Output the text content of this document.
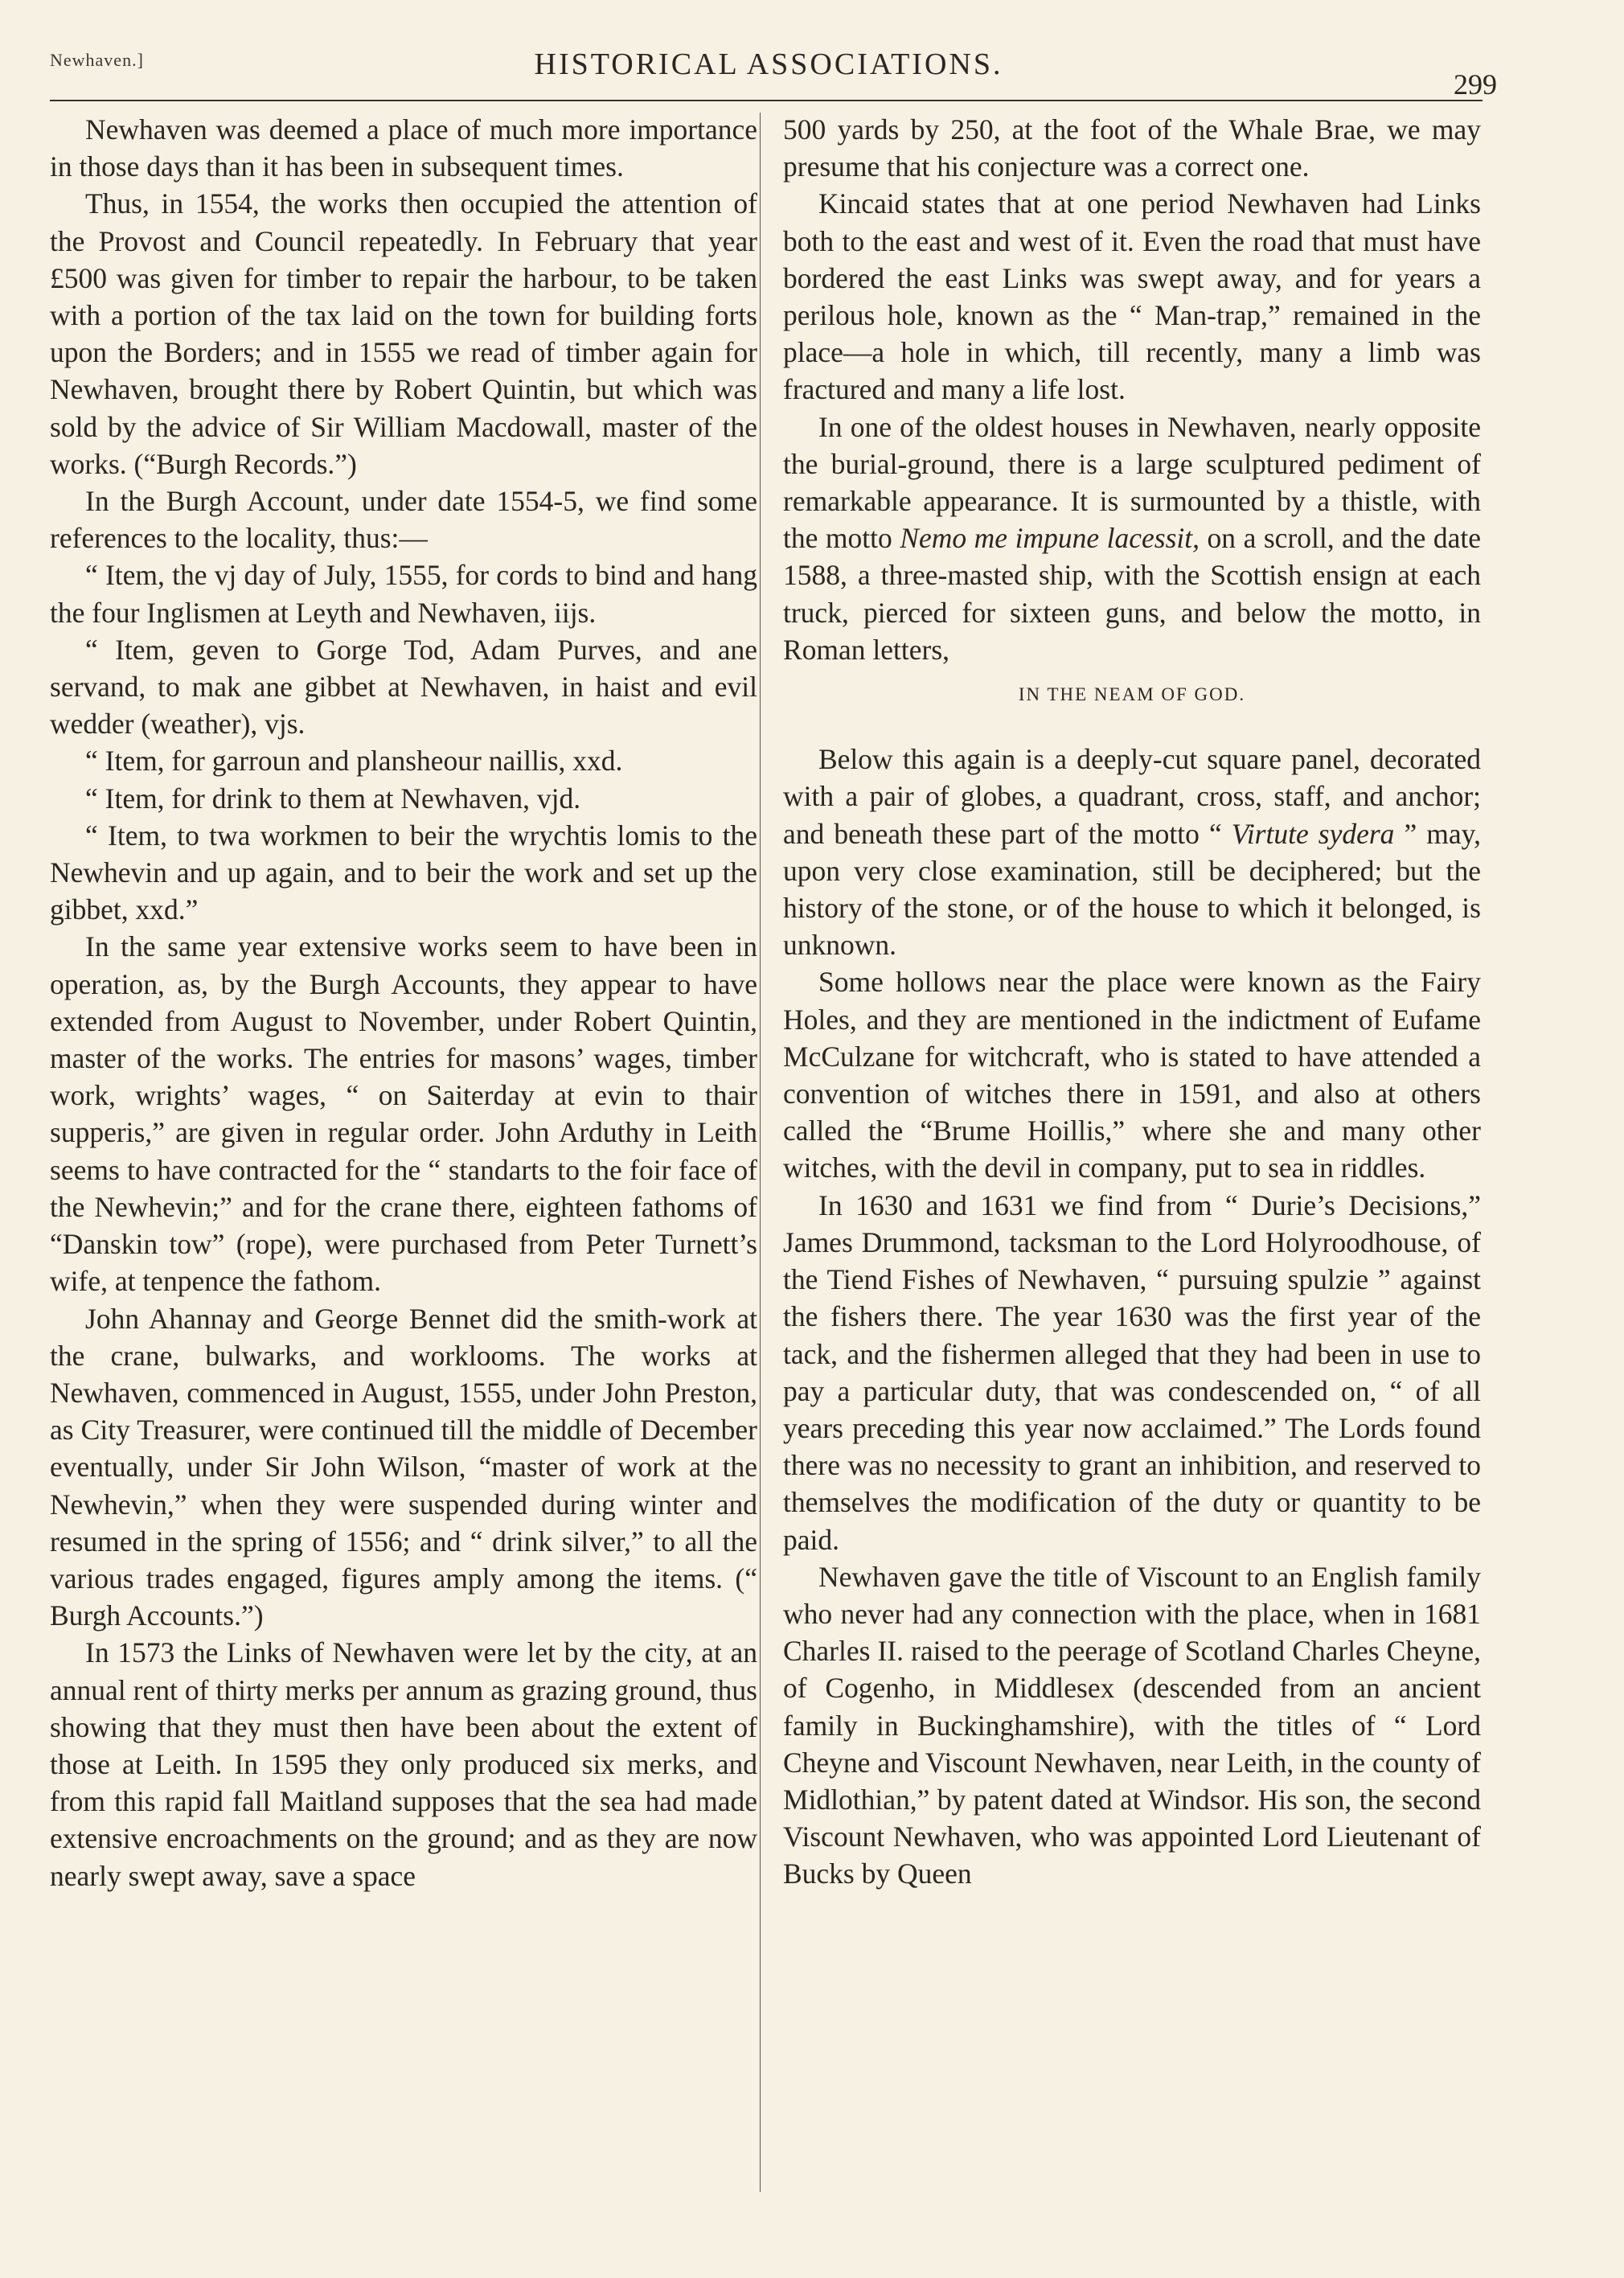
Newhaven.]	HISTORICAL ASSOCIATIONS.
299

Newhaven was deemed a place of much more importance in those days than it has been in subsequent times.

Thus, in 1554, the works then occupied the attention of the Provost and Council repeatedly. In February that year £500 was given for timber to repair the harbour, to be taken with a portion of the tax laid on the town for building forts upon the Borders; and in 1555 we read of timber again for Newhaven, brought there by Robert Quintin, but which was sold by the advice of Sir William Macdowall, master of the works. (“Burgh Records.”)

In the Burgh Account, under date 1554-5, we find some references to the locality, thus:—

“ Item, the vj day of July, 1555, for cords to bind and hang the four Inglismen at Leyth and Newhaven, iijs.

“ Item, geven to Gorge Tod, Adam Purves, and ane servand, to mak ane gibbet at Newhaven, in haist and evil wedder (weather), vjs.

“ Item, for garroun and plansheour naillis, xxd.

“ Item, for drink to them at Newhaven, vjd.

“ Item, to twa workmen to beir the wrychtis lomis to the Newhevin and up again, and to beir the work and set up the gibbet, xxd.”

In the same year extensive works seem to have been in operation, as, by the Burgh Accounts, they appear to have extended from August to November, under Robert Quintin, master of the works. The entries for masons’ wages, timber work, wrights’ wages, “ on Saiterday at evin to thair supperis,” are given in regular order. John Arduthy in Leith seems to have contracted for the “ standarts to the foir face of the Newhevin;” and for the crane there, eighteen fathoms of “Danskin tow” (rope), were purchased from Peter Turnett’s wife, at tenpence the fathom.

John Ahannay and George Bennet did the smith-work at the crane, bulwarks, and worklooms. The works at Newhaven, commenced in August, 1555, under John Preston, as City Treasurer, were continued till the middle of December eventually, under Sir John Wilson, “master of work at the Newhevin,” when they were suspended during winter and resumed in the spring of 1556; and “ drink silver,” to all the various trades engaged, figures amply among the items. (“ Burgh Accounts.”)

In 1573 the Links of Newhaven were let by the city, at an annual rent of thirty merks per annum as grazing ground, thus showing that they must then have been about the extent of those at Leith. In 1595 they only produced six merks, and from this rapid fall Maitland supposes that the sea had made extensive encroachments on the ground; and as they are now nearly swept away, save a space

500 yards by 250, at the foot of the Whale Brae, we may presume that his conjecture was a correct one.

Kincaid states that at one period Newhaven had Links both to the east and west of it. Even the road that must have bordered the east Links was swept away, and for years a perilous hole, known as the “ Man-trap,” remained in the place—a hole in which, till recently, many a limb was fractured and many a life lost.

In one of the oldest houses in Newhaven, nearly opposite the burial-ground, there is a large sculptured pediment of remarkable appearance. It is surmounted by a thistle, with the motto Nemo me impune lacessit, on a scroll, and the date 1588, a three-masted ship, with the Scottish ensign at each truck, pierced for sixteen guns, and below the motto, in Roman letters,

IN THE NEAM OF GOD.

Below this again is a deeply-cut square panel, decorated with a pair of globes, a quadrant, cross, staff, and anchor; and beneath these part of the motto “ Virtute sydera ” may, upon very close examination, still be deciphered; but the history of the stone, or of the house to which it belonged, is unknown.

Some hollows near the place were known as the Fairy Holes, and they are mentioned in the indictment of Eufame McCulzane for witchcraft, who is stated to have attended a convention of witches there in 1591, and also at others called the “Brume Hoillis,” where she and many other witches, with the devil in company, put to sea in riddles.

In 1630 and 1631 we find from “ Durie’s Decisions,” James Drummond, tacksman to the Lord Holyroodhouse, of the Tiend Fishes of Newhaven, “ pursuing spulzie ” against the fishers there. The year 1630 was the first year of the tack, and the fishermen alleged that they had been in use to pay a particular duty, that was condescended on, “ of all years preceding this year now acclaimed.” The Lords found there was no necessity to grant an inhibition, and reserved to themselves the modification of the duty or quantity to be paid.

Newhaven gave the title of Viscount to an English family who never had any connection with the place, when in 1681 Charles II. raised to the peerage of Scotland Charles Cheyne, of Cogenho, in Middlesex (descended from an ancient family in Buckinghamshire), with the titles of “ Lord Cheyne and Viscount Newhaven, near Leith, in the county of Midlothian,” by patent dated at Windsor. His son, the second Viscount Newhaven, who was appointed Lord Lieutenant of Bucks by Queen
